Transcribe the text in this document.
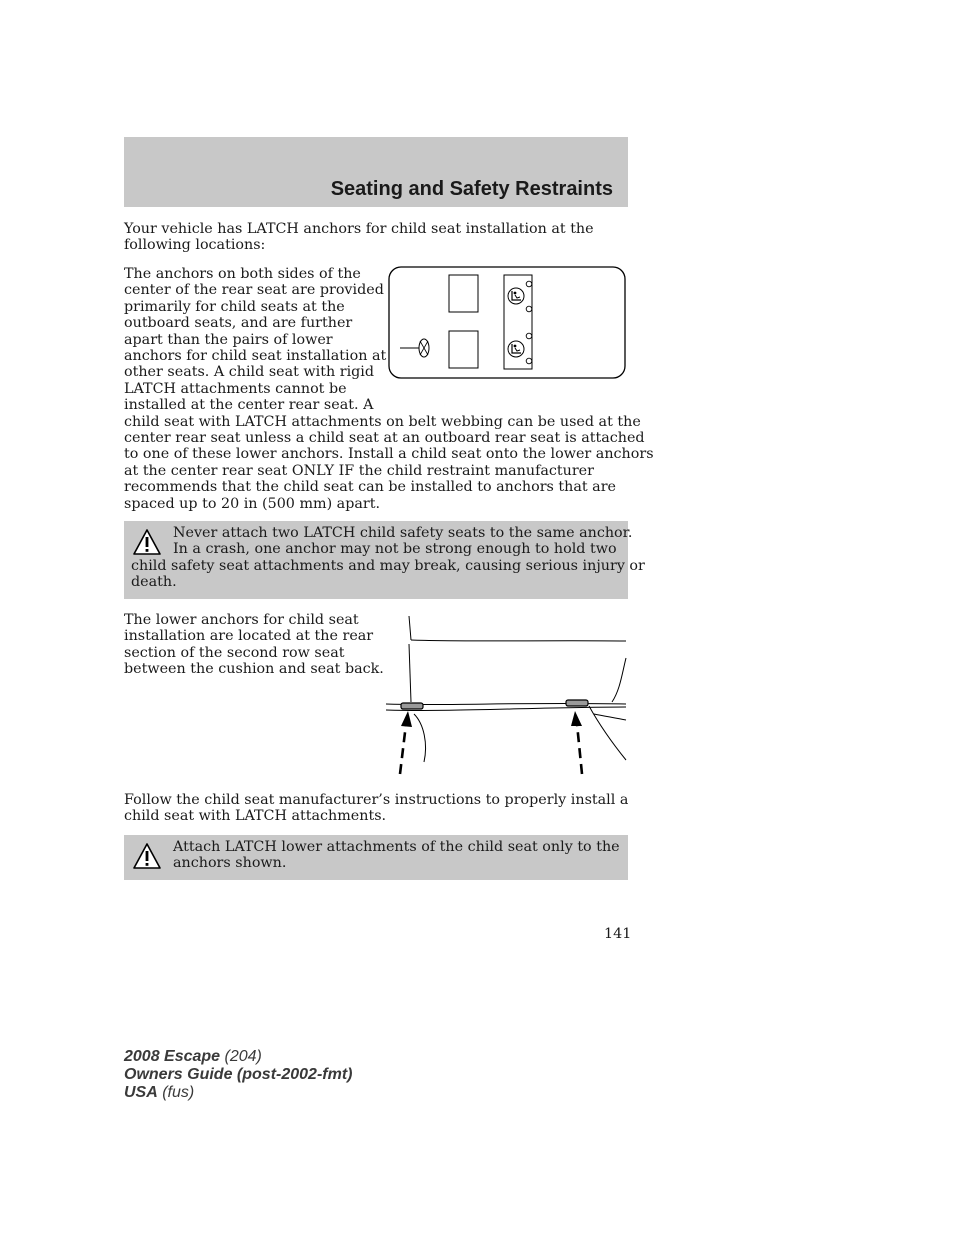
Seating and Safety Restraints

Your vehicle has LATCH anchors for child seat installation at the
following locations:

The anchors on both sides of the
center of the rear seat are provided
primarily for child seats at the
outboard seats, and are further
apart than the pairs of lower
anchors for child seat installation at
other seats. A child seat with rigid
LATCH attachments cannot be
installed at the center rear seat. A
child seat with LATCH attachments on belt webbing can be used at the
center rear seat unless a child seat at an outboard rear seat is attached
to one of these lower anchors. Install a child seat onto the lower anchors
at the center rear seat ONLY IF the child restraint manufacturer
recommends that the child seat can be installed to anchors that are
spaced up to 20 in (500 mm) apart.

Never attach two LATCH child safety seats to the same anchor.
In a crash, one anchor may not be strong enough to hold two
child safety seat attachments and may break, causing serious injury or
death.

The lower anchors for child seat
installation are located at the rear
section of the second row seat
between the cushion and seat back.

Follow the child seat manufacturer’s instructions to properly install a
child seat with LATCH attachments.

Attach LATCH lower attachments of the child seat only to the
anchors shown.
141
2008 Escape (204)
Owners Guide (post-2002-fmt)
USA (fus)
